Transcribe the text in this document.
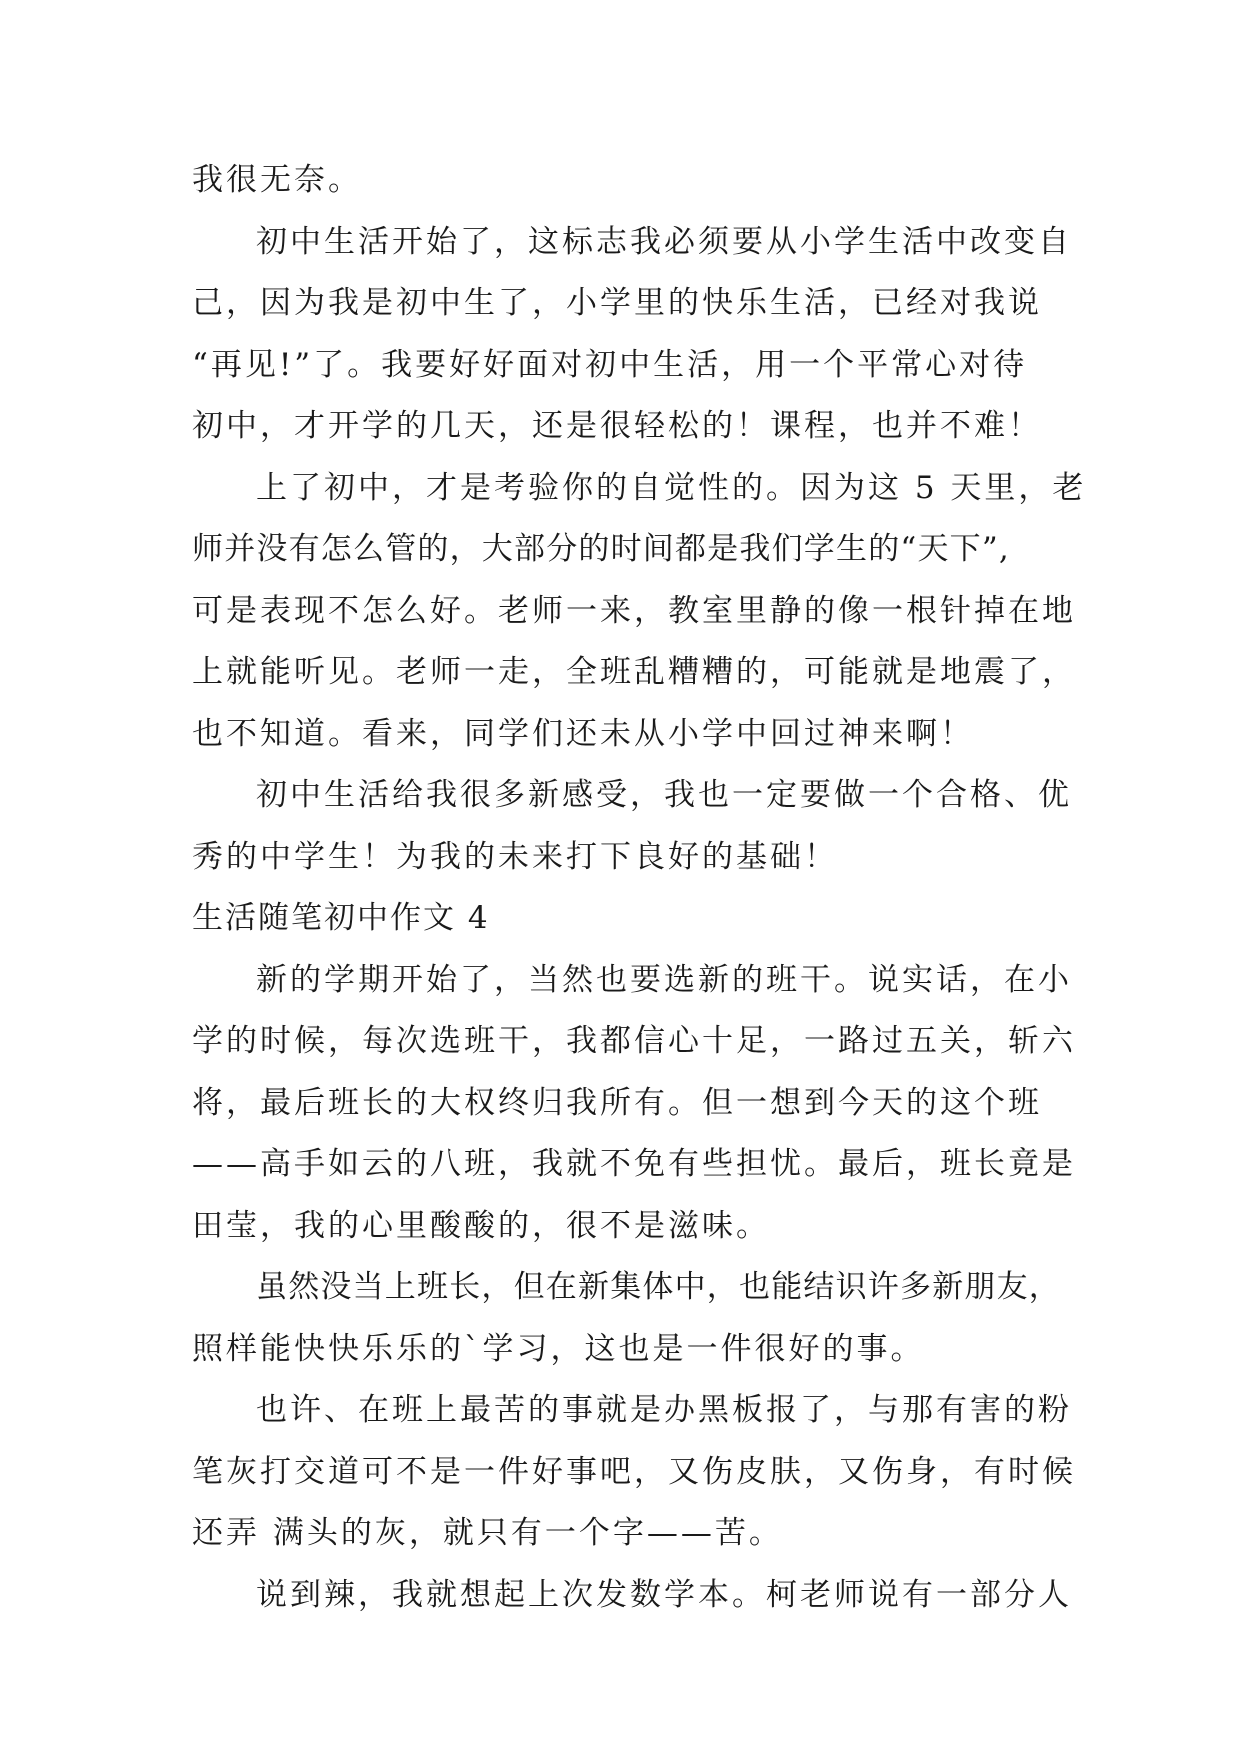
我很无奈。
初中生活开始了，这标志我必须要从小学生活中改变自
己，因为我是初中生了，小学里的快乐生活，已经对我说
“再见!”了。我要好好面对初中生活，用一个平常心对待
初中，才开学的几天，还是很轻松的！课程，也并不难！
上了初中，才是考验你的自觉性的。因为这 5 天里，老
师并没有怎么管的，大部分的时间都是我们学生的“天下”,
可是表现不怎么好。老师一来，教室里静的像一根针掉在地
上就能听见。老师一走，全班乱糟糟的，可能就是地震了，
也不知道。看来，同学们还未从小学中回过神来啊！
初中生活给我很多新感受，我也一定要做一个合格、优
秀的中学生！为我的未来打下良好的基础！
生活随笔初中作文 4
新的学期开始了，当然也要选新的班干。说实话，在小
学的时候，每次选班干，我都信心十足，一路过五关，斩六
将，最后班长的大权终归我所有。但一想到今天的这个班
——高手如云的八班，我就不免有些担忧。最后，班长竟是
田莹，我的心里酸酸的，很不是滋味。
虽然没当上班长，但在新集体中，也能结识许多新朋友，
照样能快快乐乐的`学习，这也是一件很好的事。
也许、在班上最苦的事就是办黑板报了，与那有害的粉
笔灰打交道可不是一件好事吧，又伤皮肤，又伤身，有时候
还弄 满头的灰，就只有一个字——苦。
说到辣，我就想起上次发数学本。柯老师说有一部分人
